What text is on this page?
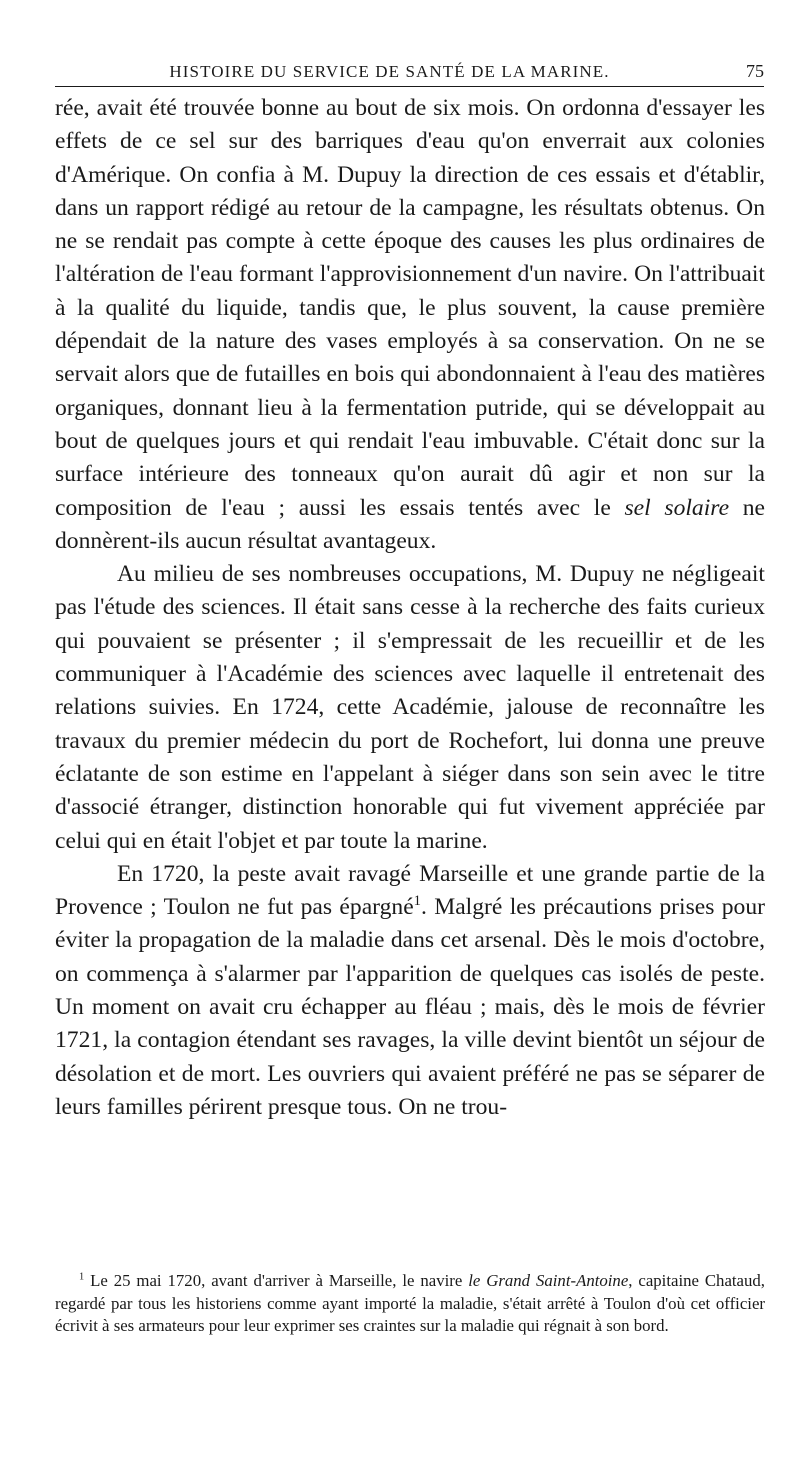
HISTOIRE DU SERVICE DE SANTÉ DE LA MARINE.	75

rée, avait été trouvée bonne au bout de six mois. On ordonna d'essayer les effets de ce sel sur des barriques d'eau qu'on enverrait aux colonies d'Amérique. On confia à M. Dupuy la direction de ces essais et d'établir, dans un rapport rédigé au retour de la campagne, les résultats obtenus. On ne se rendait pas compte à cette époque des causes les plus ordinaires de l'altération de l'eau formant l'approvisionnement d'un navire. On l'attribuait à la qualité du liquide, tandis que, le plus souvent, la cause première dépendait de la nature des vases employés à sa conservation. On ne se servait alors que de futailles en bois qui abondonnaient à l'eau des matières organiques, donnant lieu à la fermentation putride, qui se développait au bout de quelques jours et qui rendait l'eau imbuvable. C'était donc sur la surface intérieure des tonneaux qu'on aurait dû agir et non sur la composition de l'eau ; aussi les essais tentés avec le sel solaire ne donnèrent-ils aucun résultat avantageux.

Au milieu de ses nombreuses occupations, M. Dupuy ne négligeait pas l'étude des sciences. Il était sans cesse à la recherche des faits curieux qui pouvaient se présenter ; il s'empressait de les recueillir et de les communiquer à l'Académie des sciences avec laquelle il entretenait des relations suivies. En 1724, cette Académie, jalouse de reconnaître les travaux du premier médecin du port de Rochefort, lui donna une preuve éclatante de son estime en l'appelant à siéger dans son sein avec le titre d'associé étranger, distinction honorable qui fut vivement appréciée par celui qui en était l'objet et par toute la marine.

En 1720, la peste avait ravagé Marseille et une grande partie de la Provence ; Toulon ne fut pas épargné$^1$. Malgré les précautions prises pour éviter la propagation de la maladie dans cet arsenal. Dès le mois d'octobre, on commença à s'alarmer par l'apparition de quelques cas isolés de peste. Un moment on avait cru échapper au fléau ; mais, dès le mois de février 1721, la contagion étendant ses ravages, la ville devint bientôt un séjour de désolation et de mort. Les ouvriers qui avaient préféré ne pas se séparer de leurs familles périrent presque tous. On ne trou-

$^1$ Le 25 mai 1720, avant d'arriver à Marseille, le navire le Grand Saint-Antoine, capitaine Chataud, regardé par tous les historiens comme ayant importé la maladie, s'était arrêté à Toulon d'où cet officier écrivit à ses armateurs pour leur exprimer ses craintes sur la maladie qui régnait à son bord.
